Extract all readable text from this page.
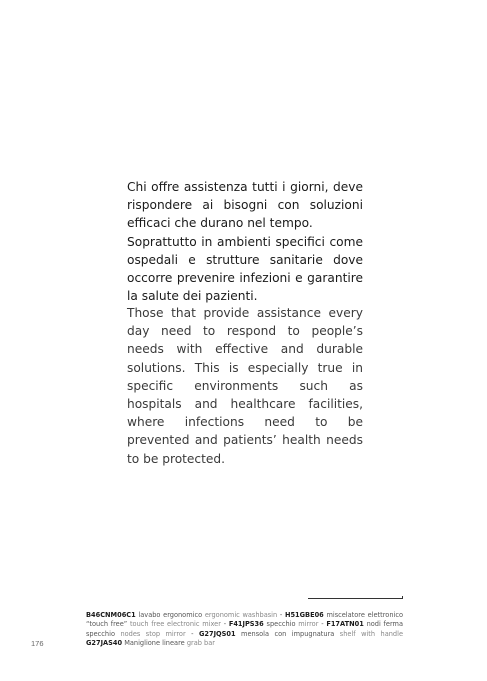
Chi offre assistenza tutti i giorni, deve rispondere ai bisogni con soluzioni efficaci che durano nel tempo.

Soprattutto in ambienti specifici come ospedali e strutture sanitarie dove occorre prevenire infezioni e garantire la salute dei pazienti.

Those that provide assistance every day need to respond to people’s needs with effective and durable solutions. This is especially true in specific environments such as hospitals and healthcare facilities, where infections need to be prevented and patients’ health needs to be protected.

B46CNM06C1 lavabo ergonomico ergonomic washbasin - H51GBE06 miscelatore elettronico “touch free” touch free electronic mixer - F41JPS36 specchio mirror - F17ATN01 nodi ferma specchio nodes stop mirror - G27JQS01 mensola con impugnatura shelf with handle G27JAS40 Maniglione lineare grab bar

176
